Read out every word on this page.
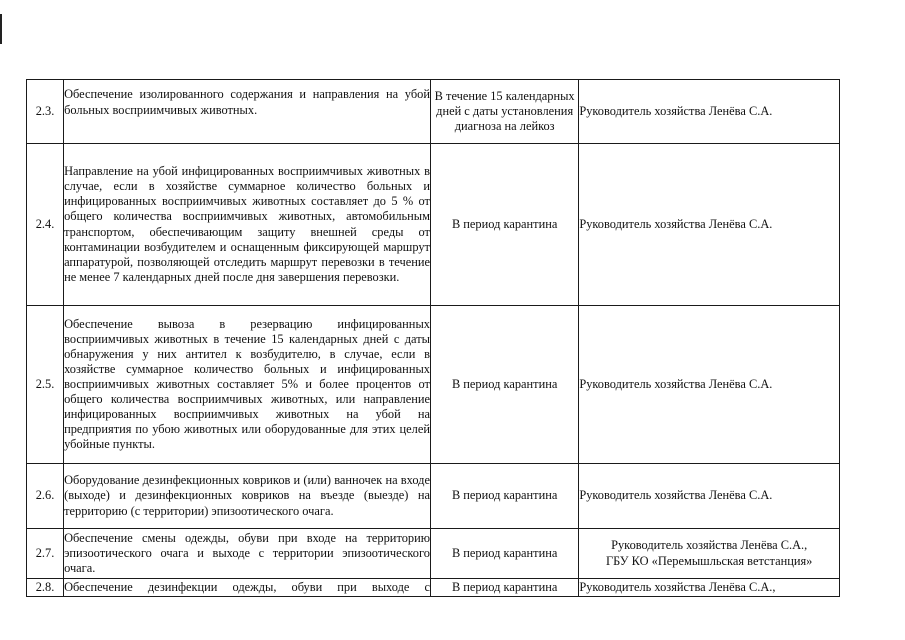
2.3.	Обеспечение изолированного содержания и направления на убой больных восприимчивых животных.	В течение 15 календарных дней с даты установления диагноза на лейкоз	Руководитель хозяйства Ленёва С.А.

2.4.	Направление на убой инфицированных восприимчивых животных в случае, если в хозяйстве суммарное количество больных и инфицированных восприимчивых животных составляет до 5 % от общего количества восприимчивых животных, автомобильным транспортом, обеспечивающим защиту внешней среды от контаминации возбудителем и оснащенным фиксирующей маршрут аппаратурой, позволяющей отследить маршрут перевозки в течение не менее 7 календарных дней после дня завершения перевозки.	В период карантина	Руководитель хозяйства Ленёва С.А.

2.5.	Обеспечение вывоза в резервацию инфицированных восприимчивых животных в течение 15 календарных дней с даты обнаружения у них антител к возбудителю, в случае, если в хозяйстве суммарное количество больных и инфицированных восприимчивых животных составляет 5% и более процентов от общего количества восприимчивых животных, или направление инфицированных восприимчивых животных на убой на предприятия по убою животных или оборудованные для этих целей убойные пункты.	В период карантина	Руководитель хозяйства Ленёва С.А.

2.6.	Оборудование дезинфекционных ковриков и (или) ванночек на входе (выходе) и дезинфекционных ковриков на въезде (выезде) на территорию (с территории) эпизоотического очага.	В период карантина	Руководитель хозяйства Ленёва С.А.

2.7.	Обеспечение смены одежды, обуви при входе на территорию эпизоотического очага и выходе с территории эпизоотического очага.	В период карантина	Руководитель хозяйства Ленёва С.А.,
ГБУ КО «Перемышльская ветстанция»

2.8.	Обеспечение дезинфекции одежды, обуви при выходе с	В период карантина	Руководитель хозяйства Ленёва С.А.,
